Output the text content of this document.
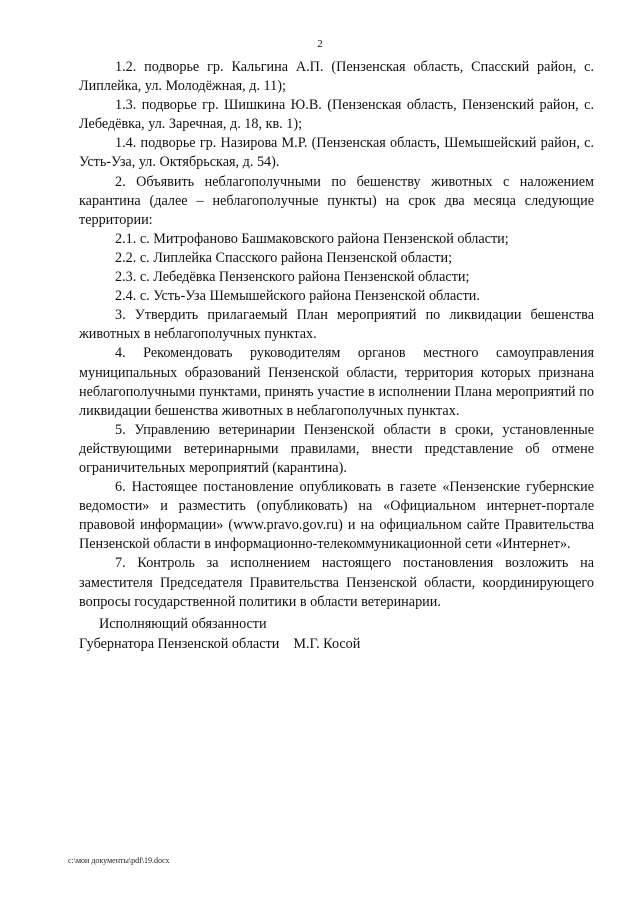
2

1.2. подворье гр. Кальгина А.П. (Пензенская область, Спасский район, с. Липлейка, ул. Молодёжная, д. 11);

1.3. подворье гр. Шишкина Ю.В. (Пензенская область, Пензенский район, с. Лебедёвка, ул. Заречная, д. 18, кв. 1);

1.4. подворье гр. Назирова М.Р. (Пензенская область, Шемышейский район, с. Усть-Уза, ул. Октябрьская, д. 54).

2. Объявить неблагополучными по бешенству животных с наложением карантина (далее – неблагополучные пункты) на срок два месяца следующие территории:

2.1. с. Митрофаново Башмаковского района Пензенской области;

2.2. с. Липлейка Спасского района Пензенской области;

2.3. с. Лебедёвка Пензенского района Пензенской области;

2.4. с. Усть-Уза Шемышейского района Пензенской области.

3. Утвердить прилагаемый План мероприятий по ликвидации бешенства животных в неблагополучных пунктах.

4. Рекомендовать руководителям органов местного самоуправления муниципальных образований Пензенской области, территория которых признана неблагополучными пунктами, принять участие в исполнении Плана мероприятий по ликвидации бешенства животных в неблагополучных пунктах.

5. Управлению ветеринарии Пензенской области в сроки, установленные действующими ветеринарными правилами, внести представление об отмене ограничительных мероприятий (карантина).

6. Настоящее постановление опубликовать в газете «Пензенские губернские ведомости» и разместить (опубликовать) на «Официальном интернет-портале правовой информации» (www.pravo.gov.ru) и на официальном сайте Правительства Пензенской области в информационно-телекоммуникационной сети «Интернет».

7. Контроль за исполнением настоящего постановления возложить на заместителя Председателя Правительства Пензенской области, координирующего вопросы государственной политики в области ветеринарии.

Исполняющий обязанности
Губернатора Пензенской области М.Г. Косой
c:\мои документы\pdf\19.docx
